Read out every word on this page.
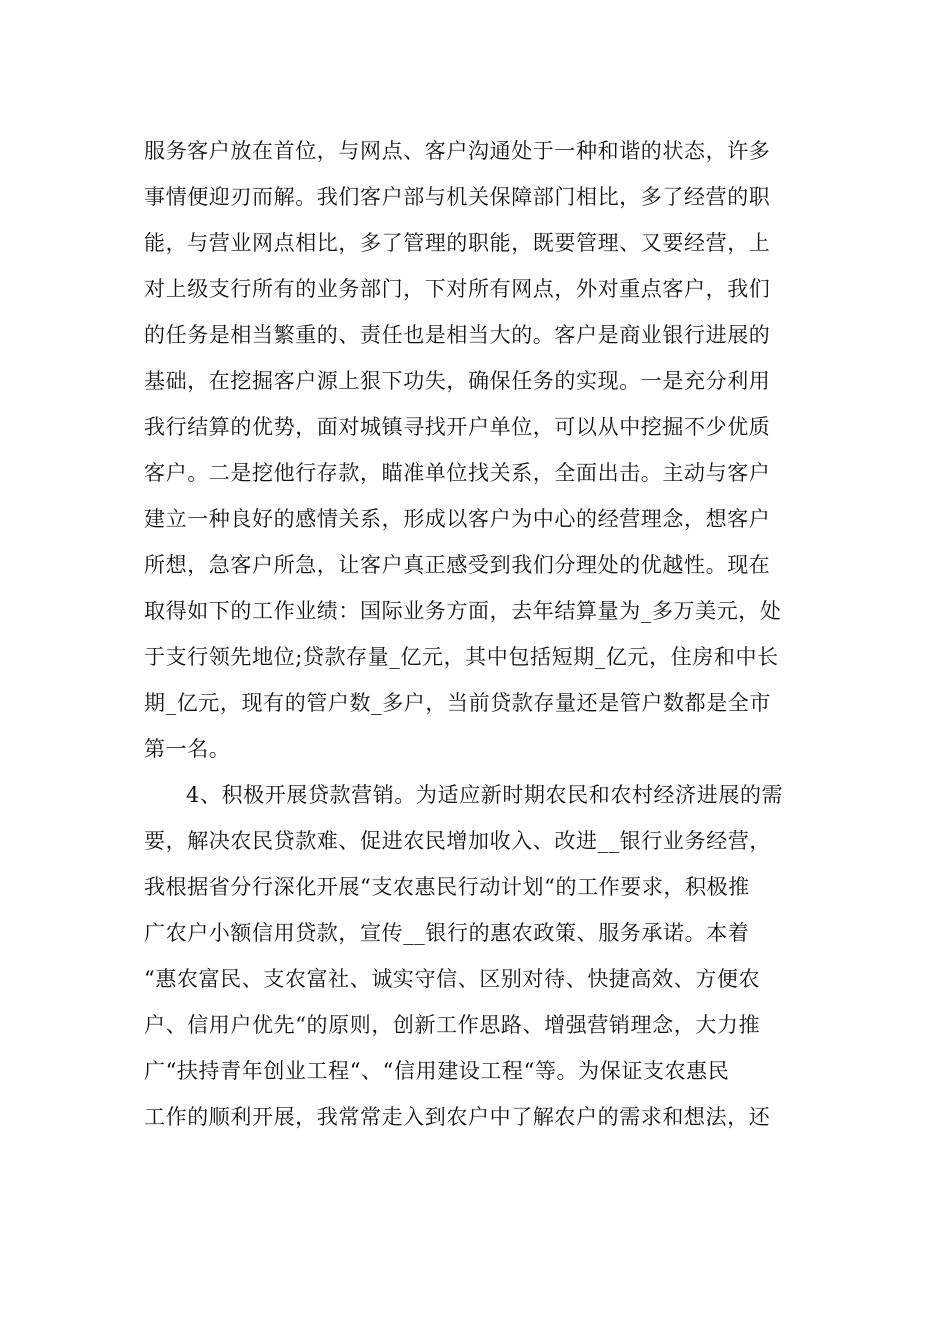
服务客户放在首位，与网点、客户沟通处于一种和谐的状态，许多
事情便迎刃而解。我们客户部与机关保障部门相比，多了经营的职
能，与营业网点相比，多了管理的职能，既要管理、又要经营，上
对上级支行所有的业务部门，下对所有网点，外对重点客户，我们
的任务是相当繁重的、责任也是相当大的。客户是商业银行进展的
基础，在挖掘客户源上狠下功失，确保任务的实现。一是充分利用
我行结算的优势，面对城镇寻找开户单位，可以从中挖掘不少优质
客户。二是挖他行存款，瞄准单位找关系，全面出击。主动与客户
建立一种良好的感情关系，形成以客户为中心的经营理念，想客户
所想，急客户所急，让客户真正感受到我们分理处的优越性。现在
取得如下的工作业绩：国际业务方面，去年结算量为_多万美元，处
于支行领先地位;贷款存量_亿元，其中包括短期_亿元，住房和中长
期_亿元，现有的管户数_多户，当前贷款存量还是管户数都是全市
第一名。
4、积极开展贷款营销。为适应新时期农民和农村经济进展的需
要，解决农民贷款难、促进农民增加收入、改进__银行业务经营，
我根据省分行深化开展“支农惠民行动计划“的工作要求，积极推
广农户小额信用贷款，宣传__银行的惠农政策、服务承诺。本着
“惠农富民、支农富社、诚实守信、区别对待、快捷高效、方便农
户、信用户优先“的原则，创新工作思路、增强营销理念，大力推
广“扶持青年创业工程“、“信用建设工程“等。为保证支农惠民
工作的顺利开展，我常常走入到农户中了解农户的需求和想法，还
